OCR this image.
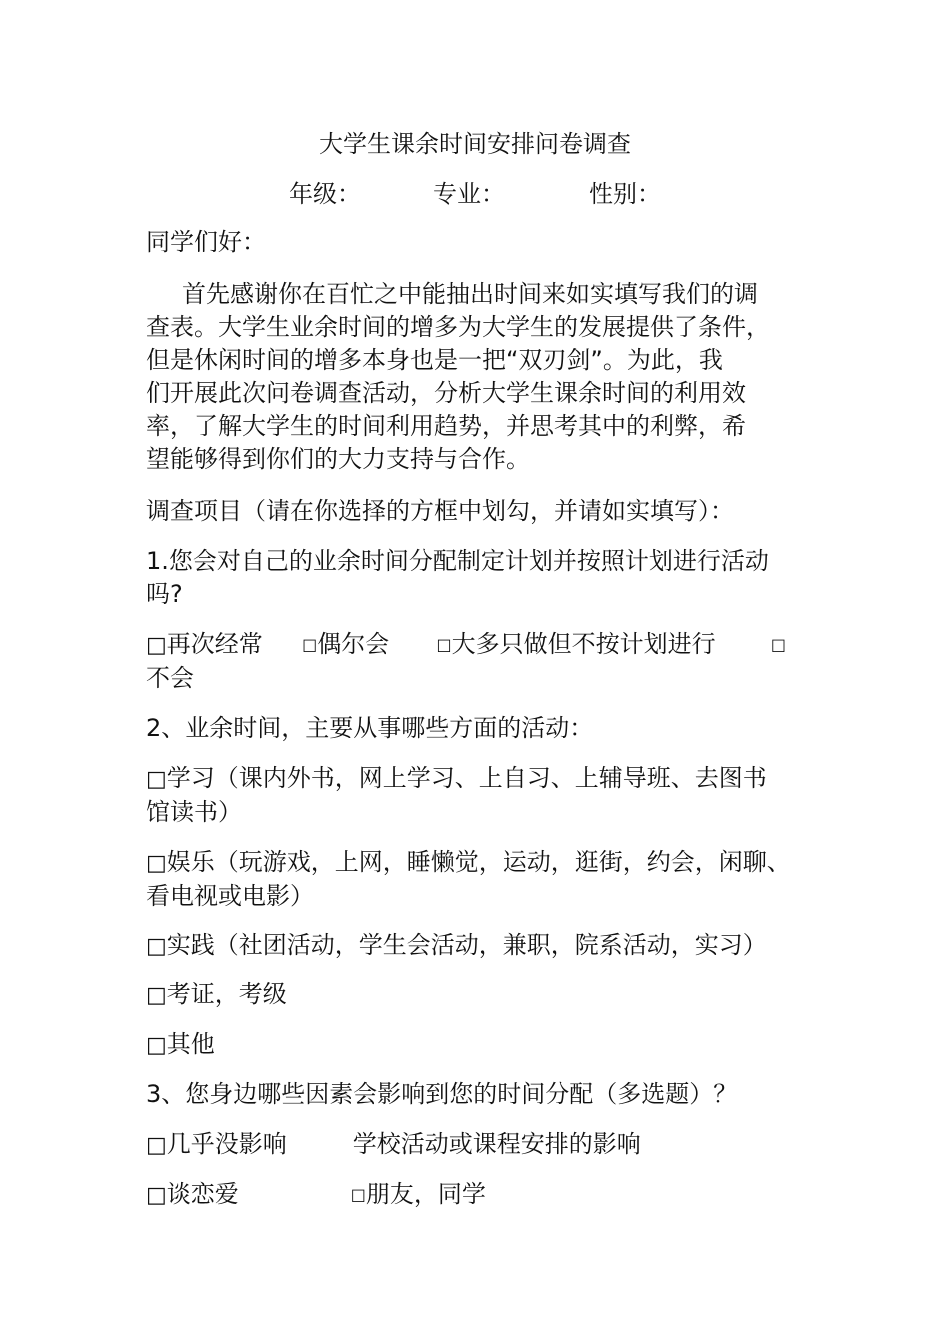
大学生课余时间安排问卷调查
年级：	专业：	性别：
同学们好：
首先感谢你在百忙之中能抽出时间来如实填写我们的调
查表。大学生业余时间的增多为大学生的发展提供了条件，
但是休闲时间的增多本身也是一把“双刃剑”。为此，我
们开展此次问卷调查活动，分析大学生课余时间的利用效
率，了解大学生的时间利用趋势，并思考其中的利弊，希
望能够得到你们的大力支持与合作。
调查项目（请在你选择的方框中划勾，并请如实填写）：
1.您会对自己的业余时间分配制定计划并按照计划进行活动
吗?
□再次经常 □偶尔会	□大多只做但不按计划进行	□
不会
2、业余时间，主要从事哪些方面的活动：
□学习（课内外书，网上学习、上自习、上辅导班、去图书
馆读书）
□娱乐（玩游戏，上网，睡懒觉，运动，逛街，约会，闲聊、
看电视或电影）
□实践（社团活动，学生会活动，兼职，院系活动，实习）
□考证，考级
□其他
3、您身边哪些因素会影响到您的时间分配（多选题）？
□几乎没影响	学校活动或课程安排的影响
□谈恋爱	□朋友，同学
